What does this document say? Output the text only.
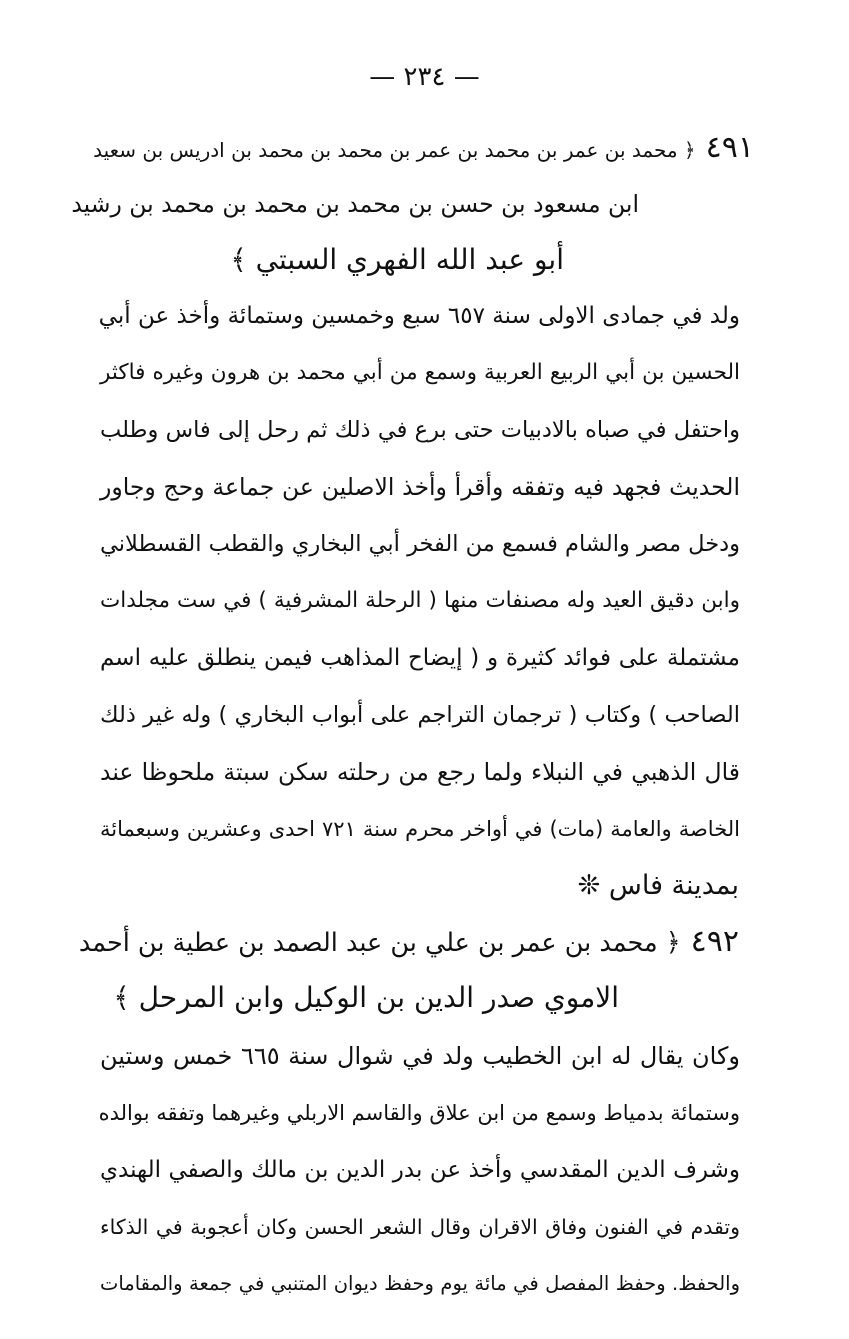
— ٢٣٤ —
٤٩١﴿ محمد بن عمر بن محمد بن عمر بن محمد بن محمد بن ادريس بن سعيد
ابن مسعود بن حسن بن محمد بن محمد بن محمد بن رشيد
أبو عبد الله الفهري السبتي ﴾
ولد في جمادى الاولى سنة ٦٥٧ سبع وخمسين وستمائة وأخذ عن أبي
الحسين بن أبي الربيع العربية وسمع من أبي محمد بن هرون وغيره فاكثر
واحتفل في صباه بالادبيات حتى برع في ذلك ثم رحل إلى فاس وطلب
الحديث فجهد فيه وتفقه وأقرأ وأخذ الاصلين عن جماعة وحج وجاور
ودخل مصر والشام فسمع من الفخر أبي البخاري والقطب القسطلاني
وابن دقيق العيد وله مصنفات منها ( الرحلة المشرفية ) في ست مجلدات
مشتملة على فوائد كثيرة و ( إيضاح المذاهب فيمن ينطلق عليه اسم
الصاحب ) وكتاب ( ترجمان التراجم على أبواب البخاري ) وله غير ذلك
قال الذهبي في النبلاء ولما رجع من رحلته سكن سبتة ملحوظا عند
الخاصة والعامة (مات) في أواخر محرم سنة ٧٢١ احدى وعشرين وسبعمائة
بمدينة فاس ❊
٤٩٢﴿ محمد بن عمر بن علي بن عبد الصمد بن عطية بن أحمد
الاموي صدر الدين بن الوكيل وابن المرحل ﴾
وكان يقال له ابن الخطيب ولد في شوال سنة ٦٦٥ خمس وستين
وستمائة بدمياط وسمع من ابن علاق والقاسم الاربلي وغيرهما وتفقه بوالده
وشرف الدين المقدسي وأخذ عن بدر الدين بن مالك والصفي الهندي
وتقدم في الفنون وفاق الاقران وقال الشعر الحسن وكان أعجوبة في الذكاء
والحفظ. وحفظ المفصل في مائة يوم وحفظ ديوان المتنبي في جمعة والمقامات
